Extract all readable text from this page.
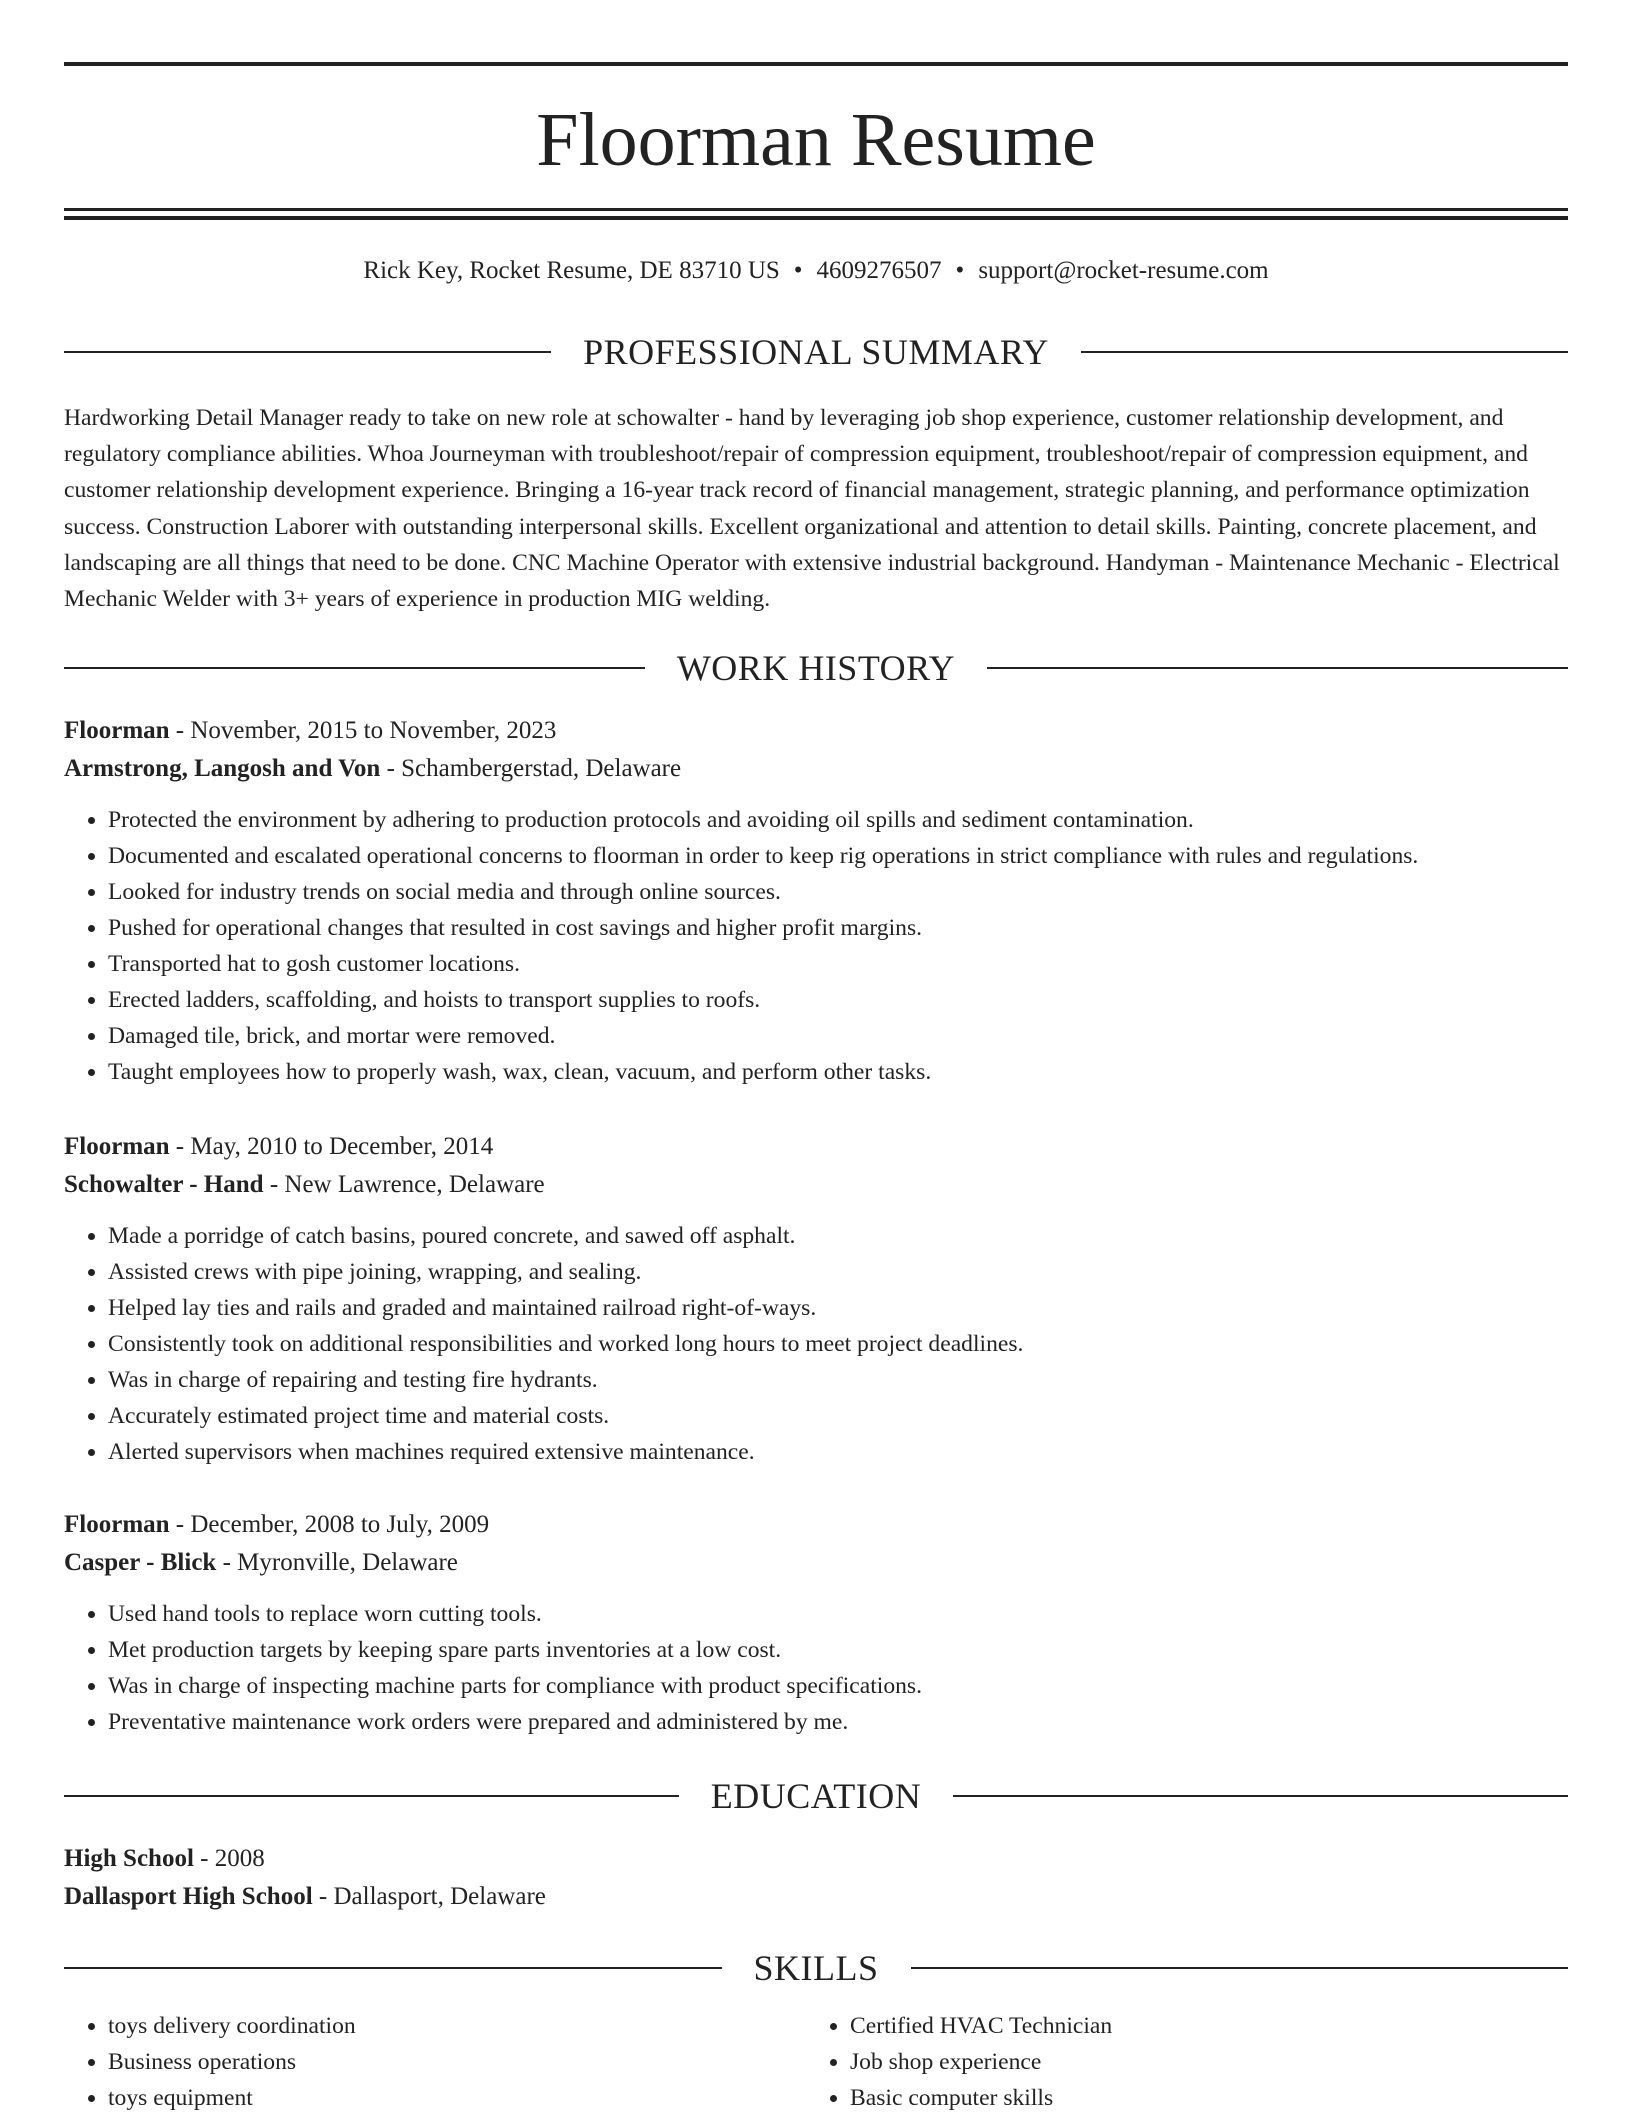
Floorman Resume
Rick Key, Rocket Resume, DE 83710 US • 4609276507 • support@rocket-resume.com
PROFESSIONAL SUMMARY

Hardworking Detail Manager ready to take on new role at schowalter - hand by leveraging job shop experience, customer relationship development, and regulatory compliance abilities. Whoa Journeyman with troubleshoot/repair of compression equipment, troubleshoot/repair of compression equipment, and customer relationship development experience. Bringing a 16-year track record of financial management, strategic planning, and performance optimization success. Construction Laborer with outstanding interpersonal skills. Excellent organizational and attention to detail skills. Painting, concrete placement, and landscaping are all things that need to be done. CNC Machine Operator with extensive industrial background. Handyman - Maintenance Mechanic - Electrical Mechanic Welder with 3+ years of experience in production MIG welding.

WORK HISTORY

Floorman - November, 2015 to November, 2023

Armstrong, Langosh and Von - Schambergerstad, Delaware

• Protected the environment by adhering to production protocols and avoiding oil spills and sediment contamination.
• Documented and escalated operational concerns to floorman in order to keep rig operations in strict compliance with rules and regulations.
• Looked for industry trends on social media and through online sources.
• Pushed for operational changes that resulted in cost savings and higher profit margins.
• Transported hat to gosh customer locations.
• Erected ladders, scaffolding, and hoists to transport supplies to roofs.
• Damaged tile, brick, and mortar were removed.
• Taught employees how to properly wash, wax, clean, vacuum, and perform other tasks.

Floorman - May, 2010 to December, 2014

Schowalter - Hand - New Lawrence, Delaware

• Made a porridge of catch basins, poured concrete, and sawed off asphalt.
• Assisted crews with pipe joining, wrapping, and sealing.
• Helped lay ties and rails and graded and maintained railroad right-of-ways.
• Consistently took on additional responsibilities and worked long hours to meet project deadlines.
• Was in charge of repairing and testing fire hydrants.
• Accurately estimated project time and material costs.
• Alerted supervisors when machines required extensive maintenance.

Floorman - December, 2008 to July, 2009

Casper - Blick - Myronville, Delaware

• Used hand tools to replace worn cutting tools.
• Met production targets by keeping spare parts inventories at a low cost.
• Was in charge of inspecting machine parts for compliance with product specifications.
• Preventative maintenance work orders were prepared and administered by me.
EDUCATION

High School - 2008

Dallasport High School - Dallasport, Delaware

SKILLS
• toys delivery coordination
• Business operations
• toys equipment
• Certified HVAC Technician
• Job shop experience
• Basic computer skills
